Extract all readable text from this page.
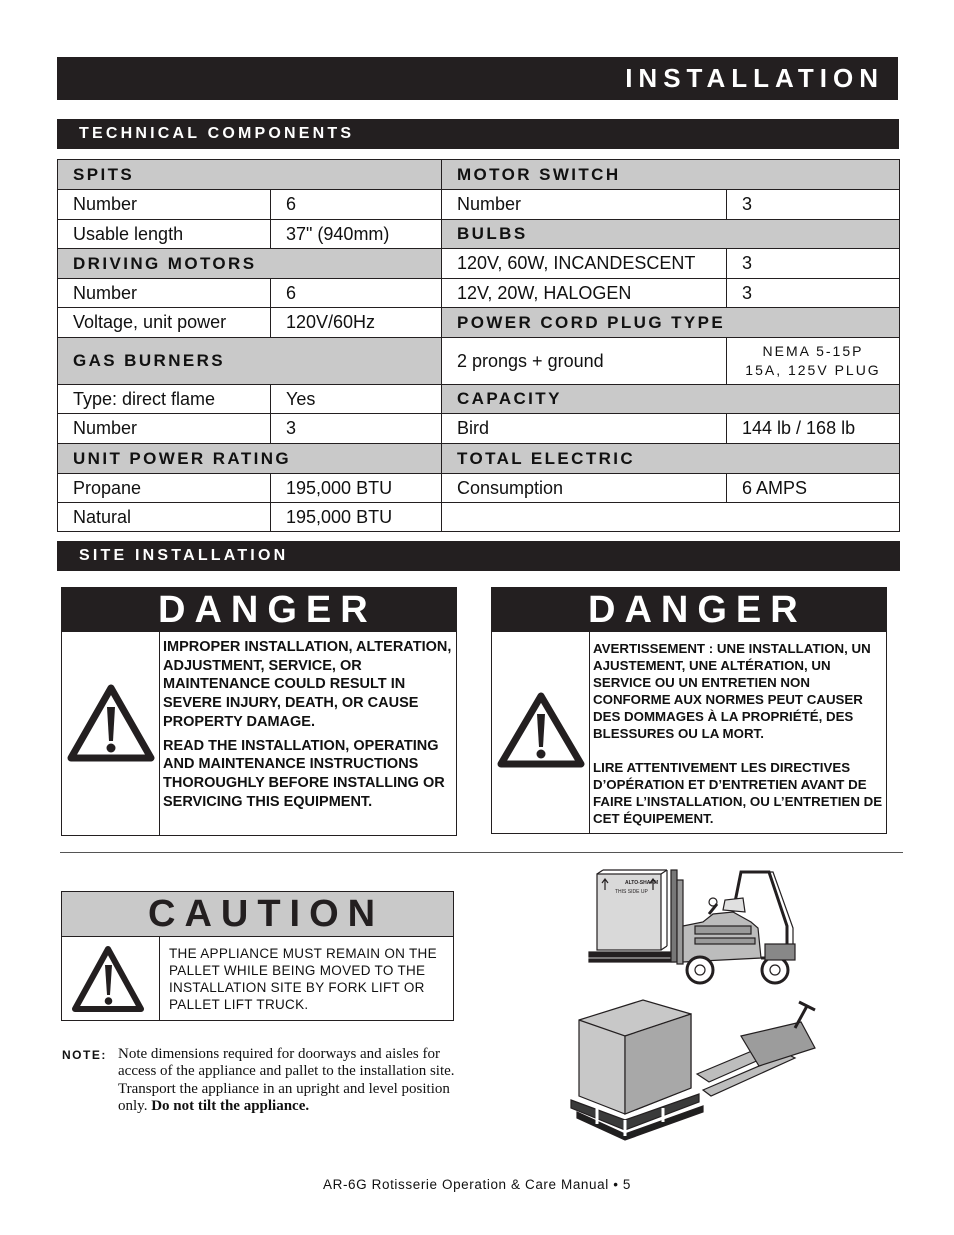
INSTALLATION
TECHNICAL COMPONENTS
SPITS		MOTOR SWITCH	
Number	6	Number	3
Usable length	37" (940mm)	BULBS	
DRIVING MOTORS		120V, 60W, INCANDESCENT	3
Number	6	12V, 20W, HALOGEN	3
Voltage, unit power	120V/60Hz	POWER CORD PLUG TYPE	
GAS BURNERS		2 prongs + ground	NEMA 5-15P
15A, 125V PLUG

Type: direct flame	Yes	CAPACITY	
Number	3	Bird	144 lb / 168 lb
UNIT POWER RATING		TOTAL ELECTRIC	
Propane	195,000 BTU	Consumption	6 AMPS
Natural	195,000 BTU		
SITE INSTALLATION
DANGER

IMPROPER INSTALLATION, ALTERATION, ADJUSTMENT, SERVICE, OR MAINTENANCE COULD RESULT IN SEVERE INJURY, DEATH, OR CAUSE PROPERTY DAMAGE.

READ THE INSTALLATION, OPERATING AND MAINTENANCE INSTRUCTIONS THOROUGHLY BEFORE INSTALLING OR SERVICING THIS EQUIPMENT.

DANGER

AVERTISSEMENT : UNE INSTALLATION, UN AJUSTEMENT, UNE ALTÉRATION, UN SERVICE OU UN ENTRETIEN NON CONFORME AUX NORMES PEUT CAUSER DES DOMMAGES À LA PROPRIÉTÉ, DES BLESSURES OU LA MORT.

LIRE ATTENTIVEMENT LES DIRECTIVES D’OPÉRATION ET D’ENTRETIEN AVANT DE FAIRE L’INSTALLATION, OU L’ENTRETIEN DE CET ÉQUIPEMENT.

CAUTION
THE APPLIANCE MUST REMAIN ON THE PALLET WHILE BEING MOVED TO THE INSTALLATION SITE BY FORK LIFT OR PALLET LIFT TRUCK.
ALTO-SHAAM
THIS SIDE UP
NOTE: Note dimensions required for doorways and aisles for access of the appliance and pallet to the installation site. Transport the appliance in an upright and level position only. Do not tilt the appliance.
AR-6G Rotisserie Operation & Care Manual • 5
